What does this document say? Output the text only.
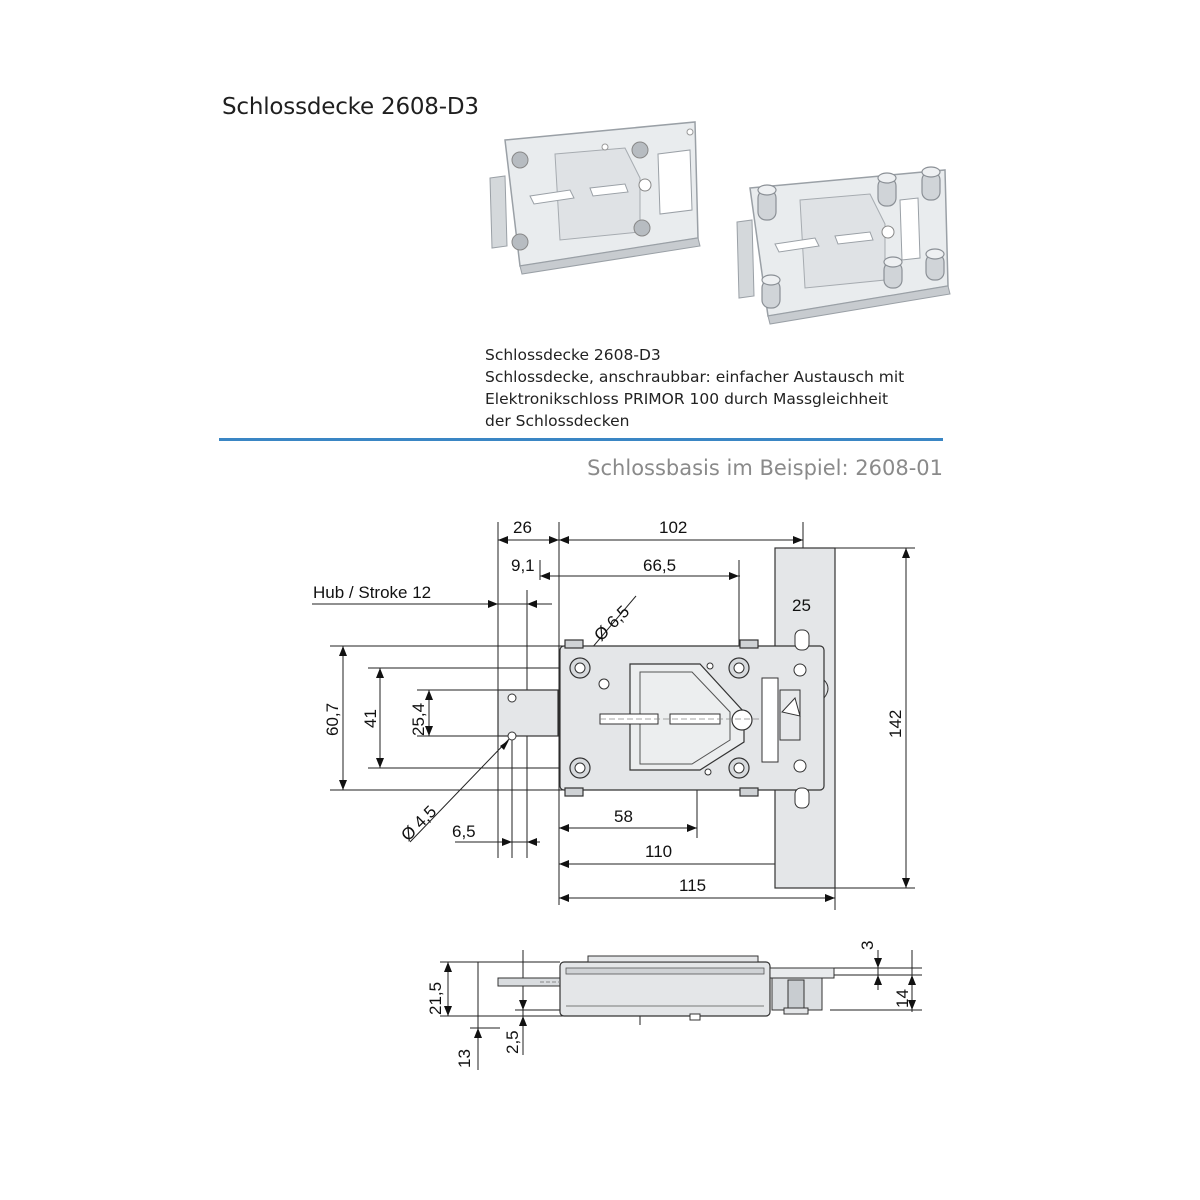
Schlossdecke 2608-D3
26	102
9,1	66,5
Hub / Stroke 12
25
Ø 6,5
60,7 41 25,4	142
Ø 4,5 6,5
58
110
115
3
21,5	14
13
2,5
Schlossdecke 2608-D3
Schlossdecke, anschraubbar: einfacher Austausch mit
Elektronikschloss PRIMOR 100 durch Massgleichheit
der Schlossdecken
Schlossbasis im Beispiel: 2608-01
